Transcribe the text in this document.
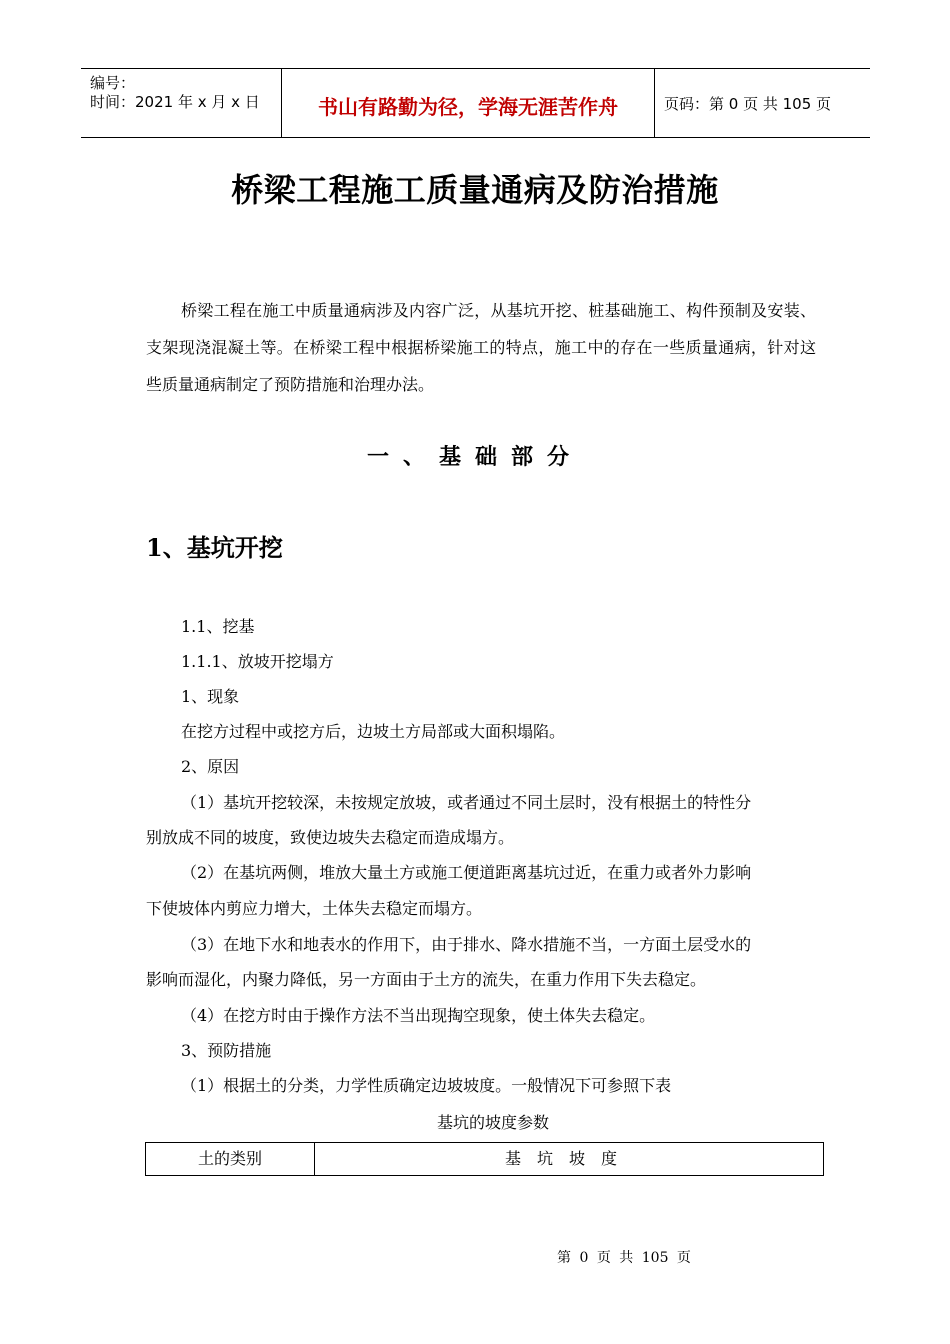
编号：
时间：2021 年 x 月 x 日	书山有路勤为径，学海无涯苦作舟	页码：第 0 页 共 105 页
桥梁工程施工质量通病及防治措施
桥梁工程在施工中质量通病涉及内容广泛，从基坑开挖、桩基础施工、构件预制及安装、支架现浇混凝土等。在桥梁工程中根据桥梁施工的特点，施工中的存在一些质量通病，针对这些质量通病制定了预防措施和治理办法。
一、基础部分
1、基坑开挖
1.1、挖基
1.1.1、放坡开挖塌方
1、现象
在挖方过程中或挖方后，边坡土方局部或大面积塌陷。
2、原因
（1）基坑开挖较深，未按规定放坡，或者通过不同土层时，没有根据土的特性分
别放成不同的坡度，致使边坡失去稳定而造成塌方。
（2）在基坑两侧，堆放大量土方或施工便道距离基坑过近，在重力或者外力影响
下使坡体内剪应力增大，土体失去稳定而塌方。
（3）在地下水和地表水的作用下，由于排水、降水措施不当，一方面土层受水的
影响而湿化，内聚力降低，另一方面由于土方的流失，在重力作用下失去稳定。
（4）在挖方时由于操作方法不当出现掏空现象，使土体失去稳定。
3、预防措施
（1）根据土的分类，力学性质确定边坡坡度。一般情况下可参照下表
基坑的坡度参数
土的类别	基坑坡度
第 0 页 共 105 页
